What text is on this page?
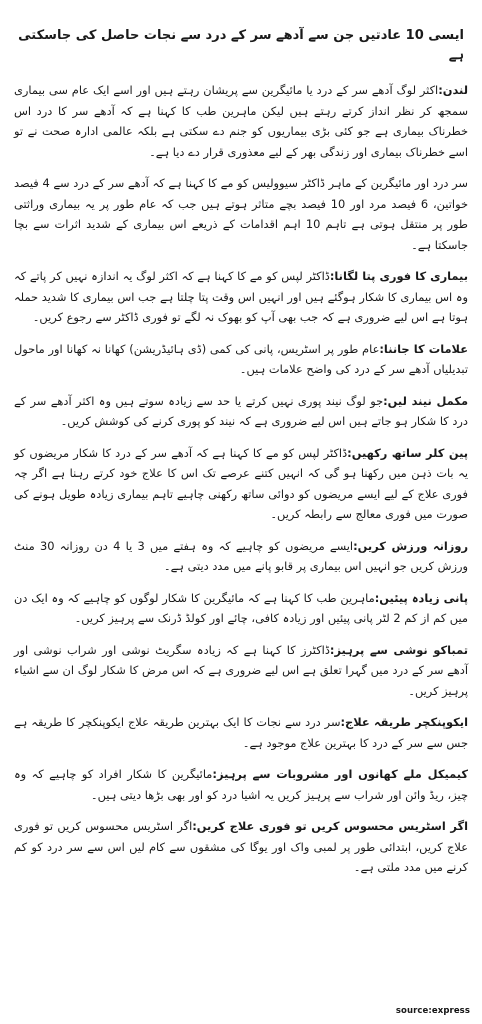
ایسی 10 عادتیں جن سے آدھے سر کے درد سے نجات حاصل کی جاسکتی ہے

لندن:اکثر لوگ آدھے سر کے درد یا مائیگرین سے پریشان رہتے ہیں اور اسے ایک عام سی بیماری سمجھ کر نظر انداز کرتے رہتے ہیں لیکن ماہرین طب کا کہنا ہے کہ آدھے سر کا درد اس خطرناک بیماری ہے جو کئی بڑی بیماریوں کو جنم دے سکتی ہے بلکہ عالمی ادارہ صحت نے تو اسے خطرناک بیماری اور زندگی بھر کے لیے معذوری قرار دے دیا ہے۔

سر درد اور مائیگرین کے ماہر ڈاکٹر سیوولیس کو مے کا کہنا ہے کہ آدھے سر کے درد سے 4 فیصد خواتین، 6 فیصد مرد اور 10 فیصد بچے متاثر ہوتے ہیں جب کہ عام طور پر یہ بیماری وراثتی طور پر منتقل ہوتی ہے تاہم 10 اہم اقدامات کے ذریعے اس بیماری کے شدید اثرات سے بچا جاسکتا ہے۔

بیماری کا فوری پتا لگانا:ڈاکٹر لپس کو مے کا کہنا ہے کہ اکثر لوگ یہ اندازہ نہیں کر پاتے کہ وہ اس بیماری کا شکار ہوگئے ہیں اور انہیں اس وقت پتا چلتا ہے جب اس بیماری کا شدید حملہ ہوتا ہے اس لیے ضروری ہے کہ جب بھی آپ کو بھوک نہ لگے تو فوری ڈاکٹر سے رجوع کریں۔

علامات کا جاننا:عام طور پر اسٹریس، پانی کی کمی (ڈی ہائیڈریشن) کھانا نہ کھانا اور ماحول تبدیلیاں آدھے سر کے درد کی واضح علامات ہیں۔

مکمل نیند لیں:جو لوگ نیند پوری نہیں کرتے یا حد سے زیادہ سوتے ہیں وہ اکثر آدھے سر کے درد کا شکار ہو جاتے ہیں اس لیے ضروری ہے کہ نیند کو پوری کرنے کی کوشش کریں۔

پین کلر ساتھ رکھیں:ڈاکٹر لپس کو مے کا کہنا ہے کہ آدھے سر کے درد کا شکار مریضوں کو یہ بات ذہن میں رکھنا ہو گی کہ انہیں کتنے عرصے تک اس کا علاج خود کرتے رہنا ہے اگر چہ فوری علاج کے لیے ایسے مریضوں کو دوائی ساتھ رکھنی چاہیے تاہم بیماری زیادہ طویل ہونے کی صورت میں فوری معالج سے رابطہ کریں۔

روزانہ ورزش کریں:ایسے مریضوں کو چاہیے کہ وہ ہفتے میں 3 یا 4 دن روزانہ 30 منٹ ورزش کریں جو انہیں اس بیماری پر قابو پانے میں مدد دیتی ہے۔

پانی زیادہ پیئیں:ماہرین طب کا کہنا ہے کہ مائیگرین کا شکار لوگوں کو چاہیے کہ وہ ایک دن میں کم از کم 2 لٹر پانی پیئیں اور زیادہ کافی، چائے اور کولڈ ڈرنک سے پرہیز کریں۔

تمباکو نوشی سے پرہیز:ڈاکٹرز کا کہنا ہے کہ زیادہ سگریٹ نوشی اور شراب نوشی اور آدھے سر کے درد میں گہرا تعلق ہے اس لیے ضروری ہے کہ اس مرض کا شکار لوگ ان سے اشیاء پرہیز کریں۔

ایکوپنکچر طریقہ علاج:سر درد سے نجات کا ایک بہترین طریقہ علاج ایکوپنکچر کا طریقہ ہے جس سے سر کے درد کا بہترین علاج موجود ہے۔

کیمیکل ملے کھانوں اور مشروبات سے پرہیز:مائیگرین کا شکار افراد کو چاہیے کہ وہ چیز، ریڈ وائن اور شراب سے پرہیز کریں یہ اشیا درد کو اور بھی بڑھا دیتی ہیں۔

اگر اسٹریس محسوس کریں تو فوری علاج کریں:اگر اسٹریس محسوس کریں تو فوری علاج کریں، ابتدائی طور پر لمبی واک اور یوگا کی مشقوں سے کام لیں اس سے سر درد کو کم کرنے میں مدد ملتی ہے۔

source:express
